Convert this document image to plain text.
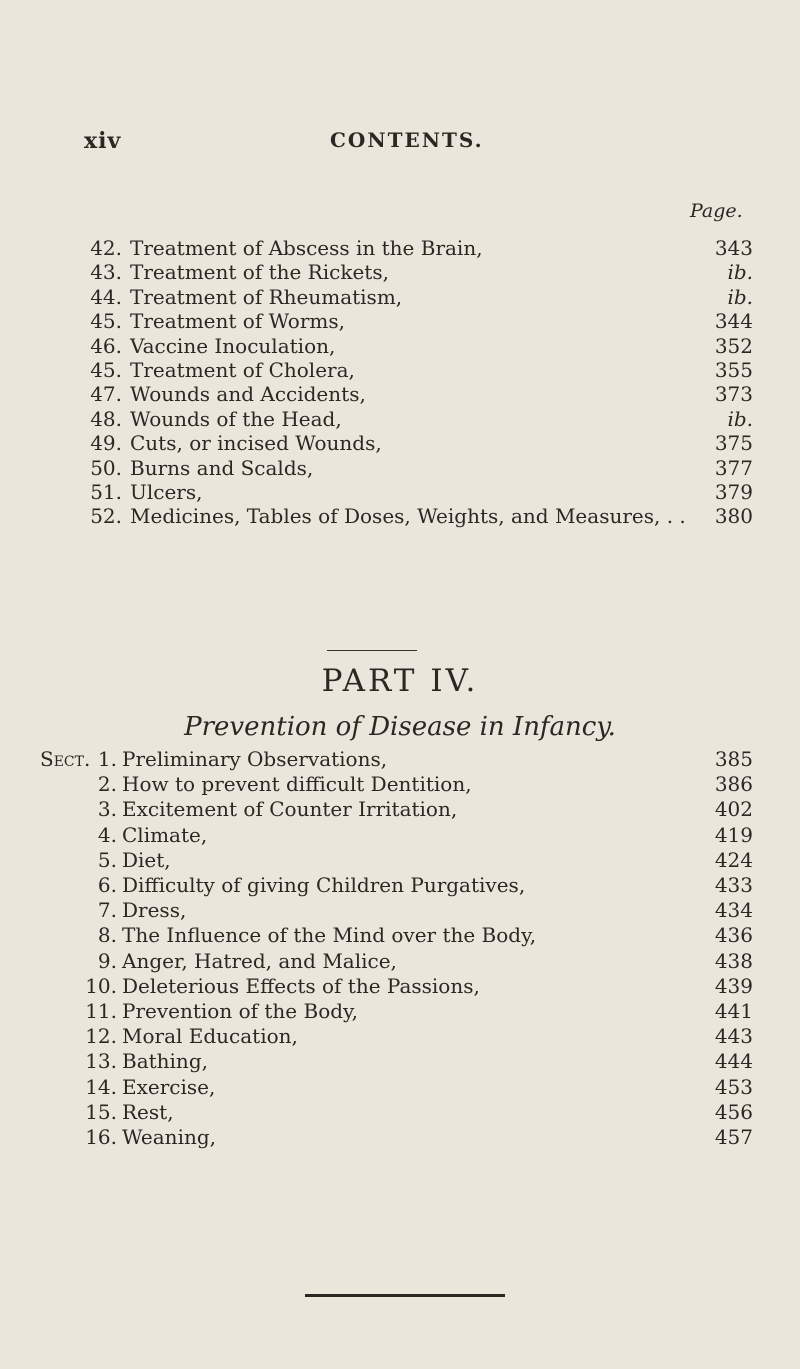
xiv	CONTENTS.
Page.
42. Treatment of Abscess in the Brain,	343
43. Treatment of the Rickets,	ib.
44. Treatment of Rheumatism,	ib.
45. Treatment of Worms,	344
46. Vaccine Inoculation,	352
45. Treatment of Cholera,	355
47. Wounds and Accidents,	373
48. Wounds of the Head,	ib.
49. Cuts, or incised Wounds,	375
50. Burns and Scalds,	377
51. Ulcers,	379
52. Medicines, Tables of Doses, Weights, and Measures, . .	380
PART IV.
Prevention of Disease in Infancy.
Sect. 1. Preliminary Observations,	385
2. How to prevent difficult Dentition,	386
3. Excitement of Counter Irritation,	402
4. Climate,	419
5. Diet,	424
6. Difficulty of giving Children Purgatives,	433
7. Dress,	434
8. The Influence of the Mind over the Body,	436
9. Anger, Hatred, and Malice,	438
10. Deleterious Effects of the Passions,	439
11. Prevention of the Body,	441
12. Moral Education,	443
13. Bathing,	444
14. Exercise,	453
15. Rest,	456
16. Weaning,	457
